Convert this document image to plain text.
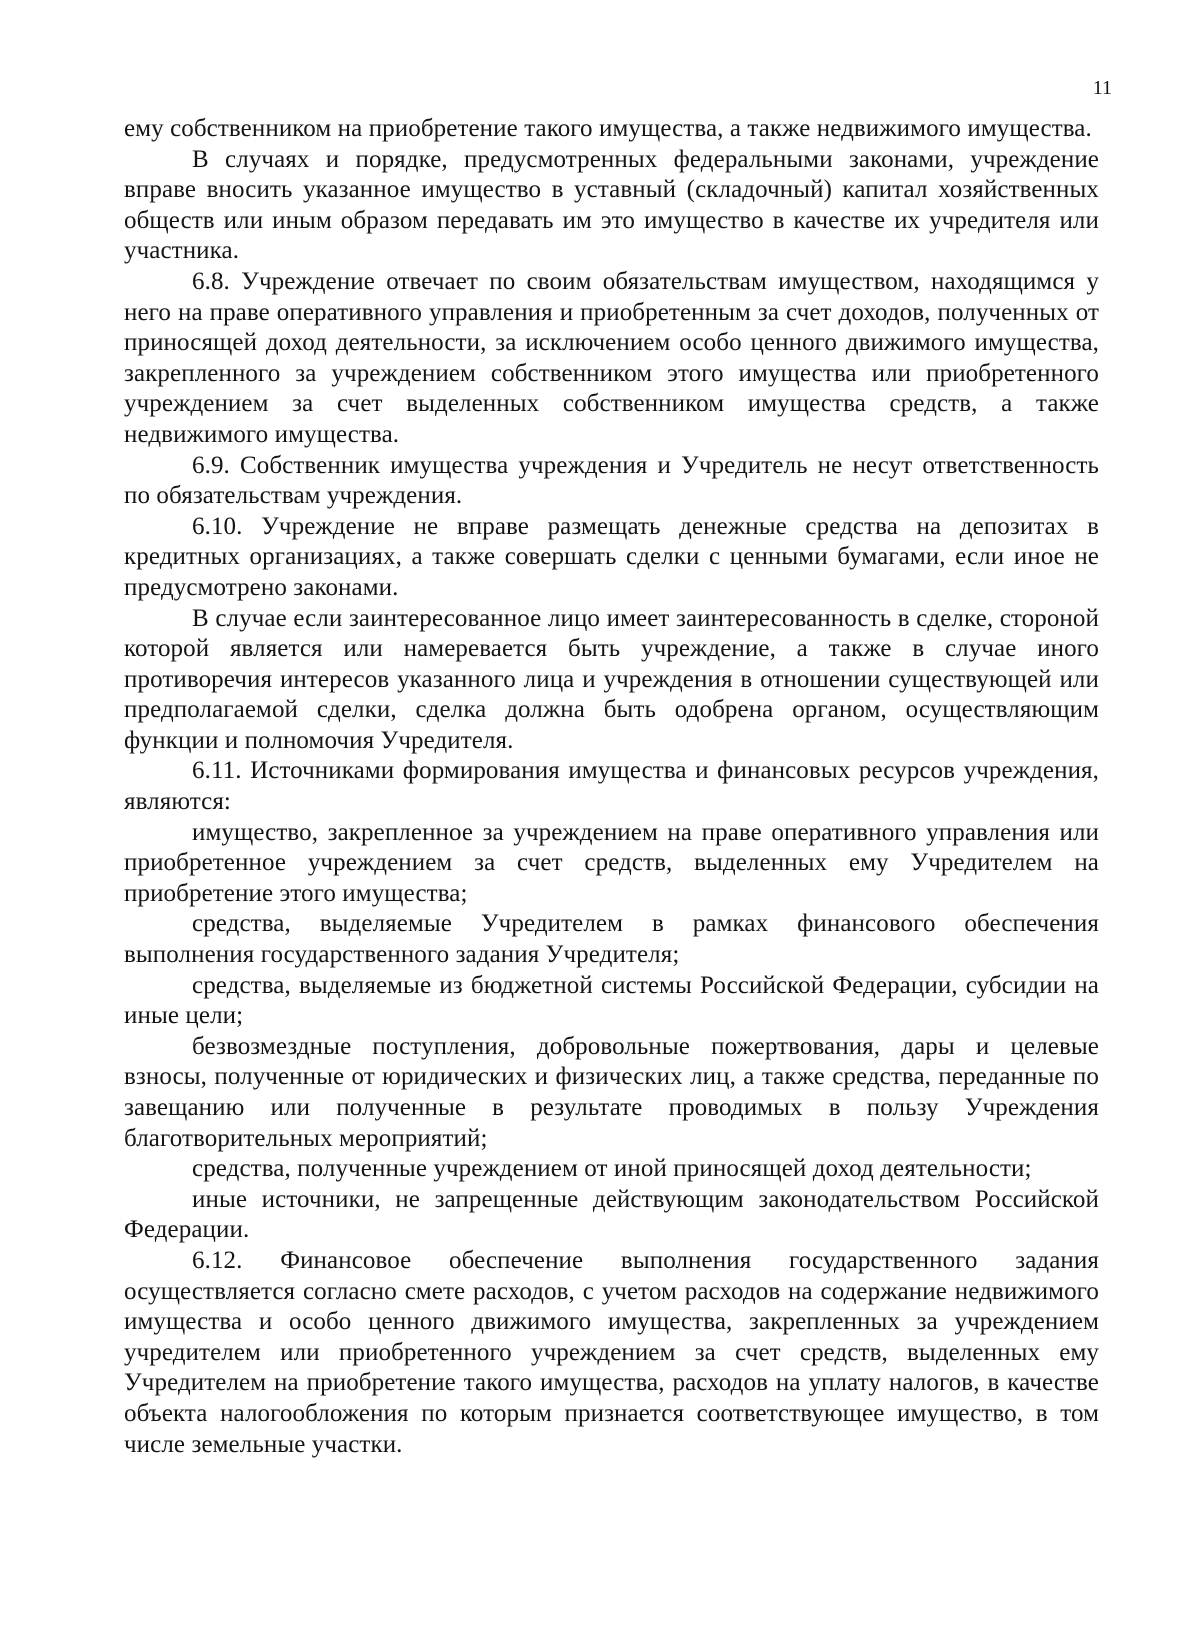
11

ему собственником на приобретение такого имущества, а также недвижимого имущества.

В случаях и порядке, предусмотренных федеральными законами, учреждение вправе вносить указанное имущество в уставный (складочный) капитал хозяйственных обществ или иным образом передавать им это имущество в качестве их учредителя или участника.

6.8. Учреждение отвечает по своим обязательствам имуществом, находящимся у него на праве оперативного управления и приобретенным за счет доходов, полученных от приносящей доход деятельности, за исключением особо ценного движимого имущества, закрепленного за учреждением собственником этого имущества или приобретенного учреждением за счет выделенных собственником имущества средств, а также недвижимого имущества.

6.9. Собственник имущества учреждения и Учредитель не несут ответственность по обязательствам учреждения.

6.10. Учреждение не вправе размещать денежные средства на депозитах в кредитных организациях, а также совершать сделки с ценными бумагами, если иное не предусмотрено законами.

В случае если заинтересованное лицо имеет заинтересованность в сделке, стороной которой является или намеревается быть учреждение, а также в случае иного противоречия интересов указанного лица и учреждения в отношении существующей или предполагаемой сделки, сделка должна быть одобрена органом, осуществляющим функции и полномочия Учредителя.

6.11. Источниками формирования имущества и финансовых ресурсов учреждения, являются:

имущество, закрепленное за учреждением на праве оперативного управления или приобретенное учреждением за счет средств, выделенных ему Учредителем на приобретение этого имущества;

средства, выделяемые Учредителем в рамках финансового обеспечения выполнения государственного задания Учредителя;

средства, выделяемые из бюджетной системы Российской Федерации, субсидии на иные цели;

безвозмездные поступления, добровольные пожертвования, дары и целевые взносы, полученные от юридических и физических лиц, а также средства, переданные по завещанию или полученные в результате проводимых в пользу Учреждения благотворительных мероприятий;

средства, полученные учреждением от иной приносящей доход деятельности;

иные источники, не запрещенные действующим законодательством Российской Федерации.

6.12. Финансовое обеспечение выполнения государственного задания осуществляется согласно смете расходов, с учетом расходов на содержание недвижимого имущества и особо ценного движимого имущества, закрепленных за учреждением учредителем или приобретенного учреждением за счет средств, выделенных ему Учредителем на приобретение такого имущества, расходов на уплату налогов, в качестве объекта налогообложения по которым признается соответствующее имущество, в том числе земельные участки.
